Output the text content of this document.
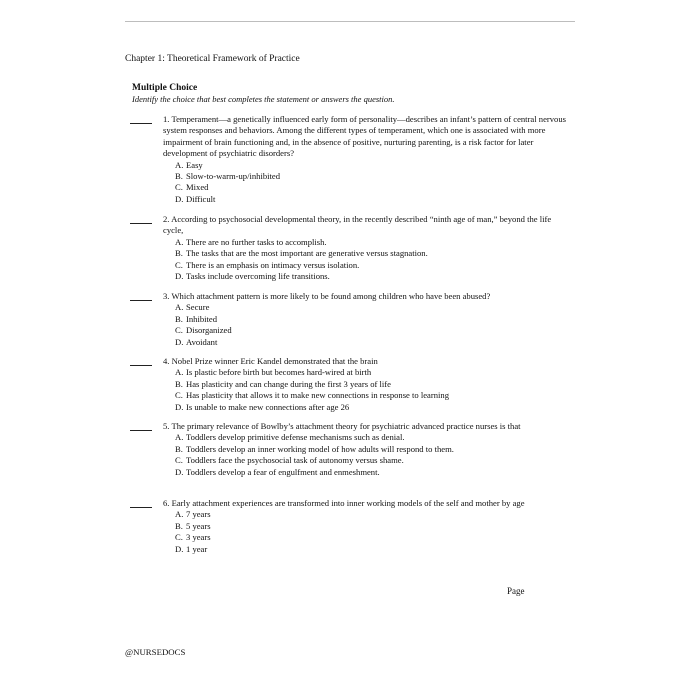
Chapter 1: Theoretical Framework of Practice
Multiple Choice
Identify the choice that best completes the statement or answers the question.
1. Temperament—a genetically influenced early form of personality—describes an infant’s pattern of central nervous system responses and behaviors. Among the different types of temperament, which one is associated with more impairment of brain functioning and, in the absence of positive, nurturing parenting, is a risk factor for later development of psychiatric disorders?
A. Easy
B. Slow-to-warm-up/inhibited
C. Mixed
D. Difficult
2. According to psychosocial developmental theory, in the recently described “ninth age of man,” beyond the life cycle,
A. There are no further tasks to accomplish.
B. The tasks that are the most important are generative versus stagnation.
C. There is an emphasis on intimacy versus isolation.
D. Tasks include overcoming life transitions.
3. Which attachment pattern is more likely to be found among children who have been abused?
A. Secure
B. Inhibited
C. Disorganized
D. Avoidant
4. Nobel Prize winner Eric Kandel demonstrated that the brain
A. Is plastic before birth but becomes hard-wired at birth
B. Has plasticity and can change during the first 3 years of life
C. Has plasticity that allows it to make new connections in response to learning
D. Is unable to make new connections after age 26
5. The primary relevance of Bowlby’s attachment theory for psychiatric advanced practice nurses is that
A. Toddlers develop primitive defense mechanisms such as denial.
B. Toddlers develop an inner working model of how adults will respond to them.
C. Toddlers face the psychosocial task of autonomy versus shame.
D. Toddlers develop a fear of engulfment and enmeshment.
6. Early attachment experiences are transformed into inner working models of the self and mother by age
A. 7 years
B. 5 years
C. 3 years
D. 1 year
Page
@NURSEDOCS
